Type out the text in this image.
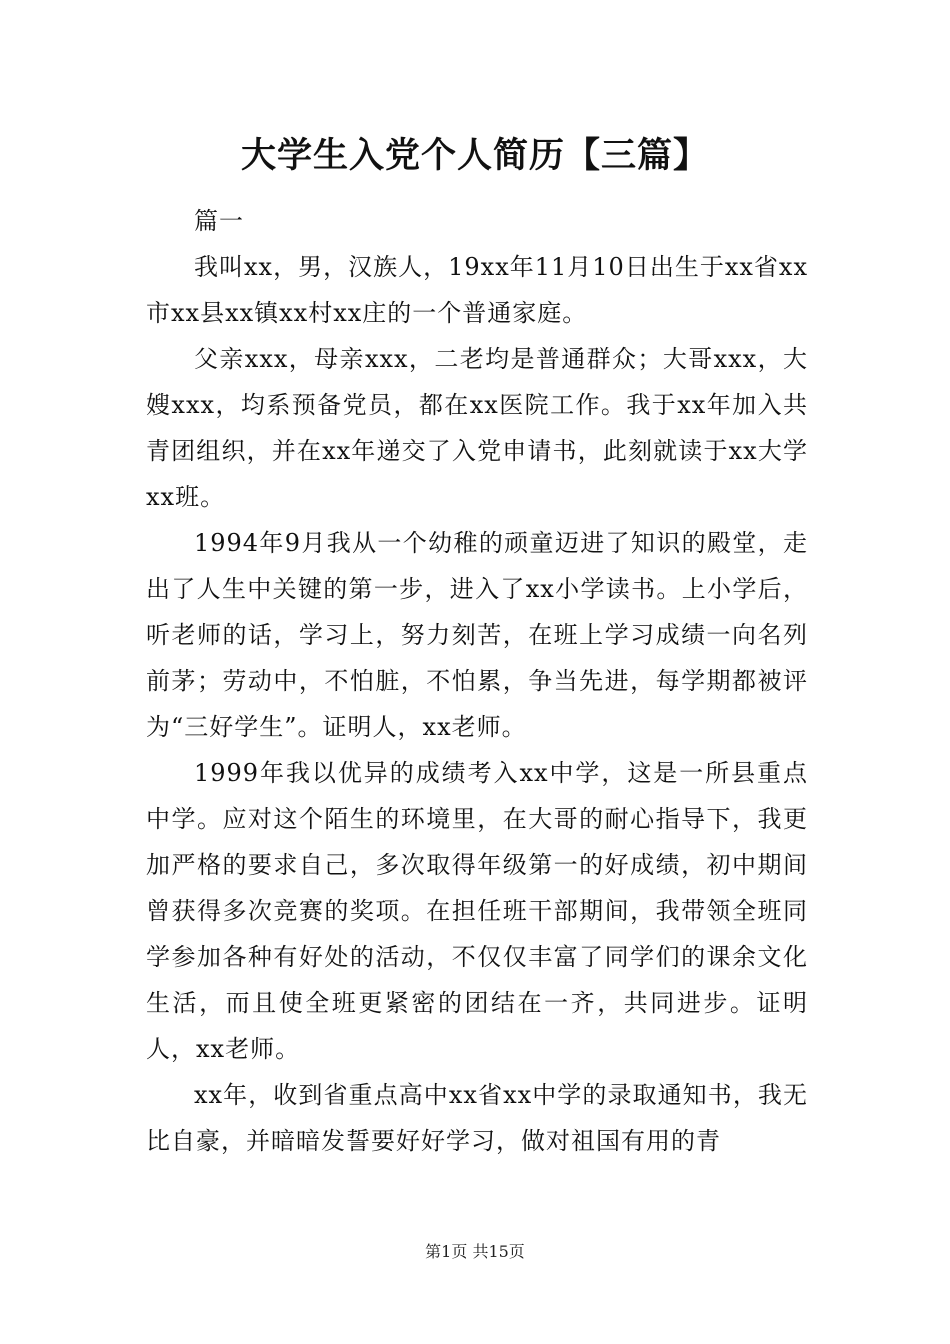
大学生入党个人简历【三篇】

篇一

我叫xx，男，汉族人，19xx年11月10日出生于xx省xx市xx县xx镇xx村xx庄的一个普通家庭。

父亲xxx，母亲xxx，二老均是普通群众；大哥xxx，大嫂xxx，均系预备党员，都在xx医院工作。我于xx年加入共青团组织，并在xx年递交了入党申请书，此刻就读于xx大学xx班。

1994年9月我从一个幼稚的顽童迈进了知识的殿堂，走出了人生中关键的第一步，进入了xx小学读书。上小学后，听老师的话，学习上，努力刻苦，在班上学习成绩一向名列前茅；劳动中，不怕脏，不怕累，争当先进，每学期都被评为“三好学生”。证明人，xx老师。

1999年我以优异的成绩考入xx中学，这是一所县重点中学。应对这个陌生的环境里，在大哥的耐心指导下，我更加严格的要求自己，多次取得年级第一的好成绩，初中期间曾获得多次竞赛的奖项。在担任班干部期间，我带领全班同学参加各种有好处的活动，不仅仅丰富了同学们的课余文化生活，而且使全班更紧密的团结在一齐，共同进步。证明人，xx老师。

xx年，收到省重点高中xx省xx中学的录取通知书，我无比自豪，并暗暗发誓要好好学习，做对祖国有用的青

第1页 共15页
